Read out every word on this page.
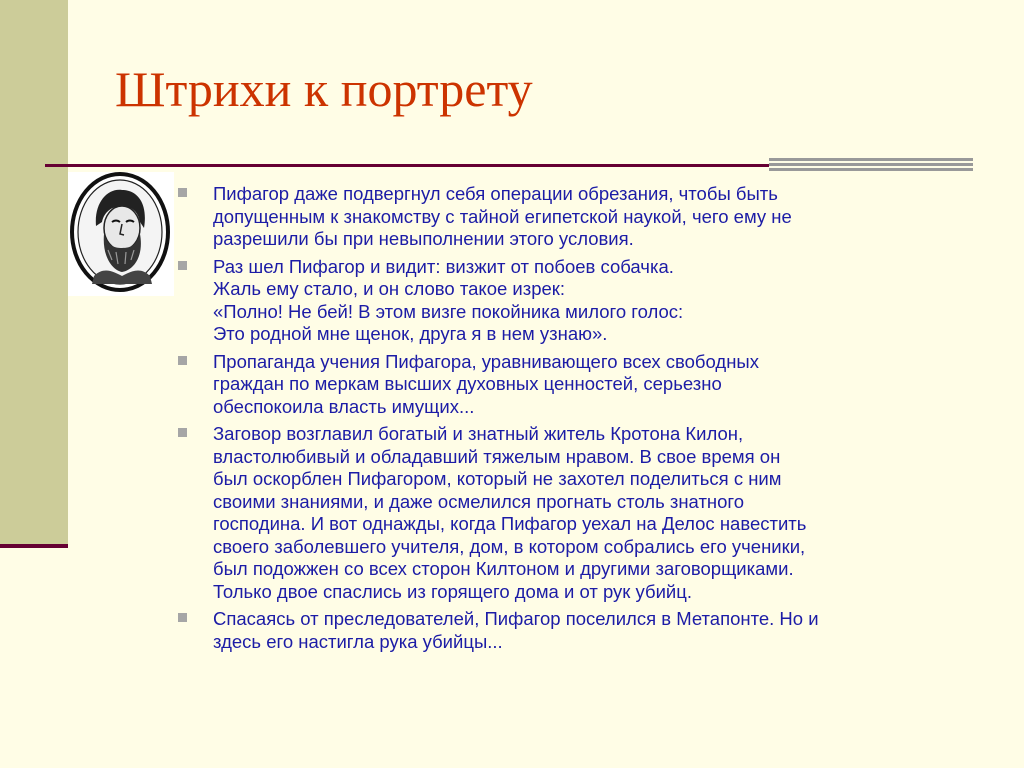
Штрихи к портрету
Пифагор даже подвергнул себя операции обрезания, чтобы быть
допущенным к знакомству с тайной египетской наукой, чего ему не
разрешили бы при невыполнении этого условия.
Раз шел Пифагор и видит: визжит от побоев собачка.
Жаль ему стало, и он слово такое изрек:
«Полно! Не бей! В этом визге покойника милого голос:
Это родной мне щенок, друга я в нем узнаю».
Пропаганда учения Пифагора, уравнивающего всех свободных
граждан по меркам высших духовных ценностей, серьезно
обеспокоила власть имущих...
Заговор возглавил богатый и знатный житель Кротона Килон,
властолюбивый и обладавший тяжелым нравом. В свое время он
был оскорблен Пифагором, который не захотел поделиться с ним
своими знаниями, и даже осмелился прогнать столь знатного
господина. И вот однажды, когда Пифагор уехал на Делос навестить
своего заболевшего учителя, дом, в котором собрались его ученики,
был подожжен со всех сторон Килтоном и другими заговорщиками.
Только двое спаслись из горящего дома и от рук убийц.
Спасаясь от преследователей, Пифагор поселился в Метапонте. Но и
здесь его настигла рука убийцы...
